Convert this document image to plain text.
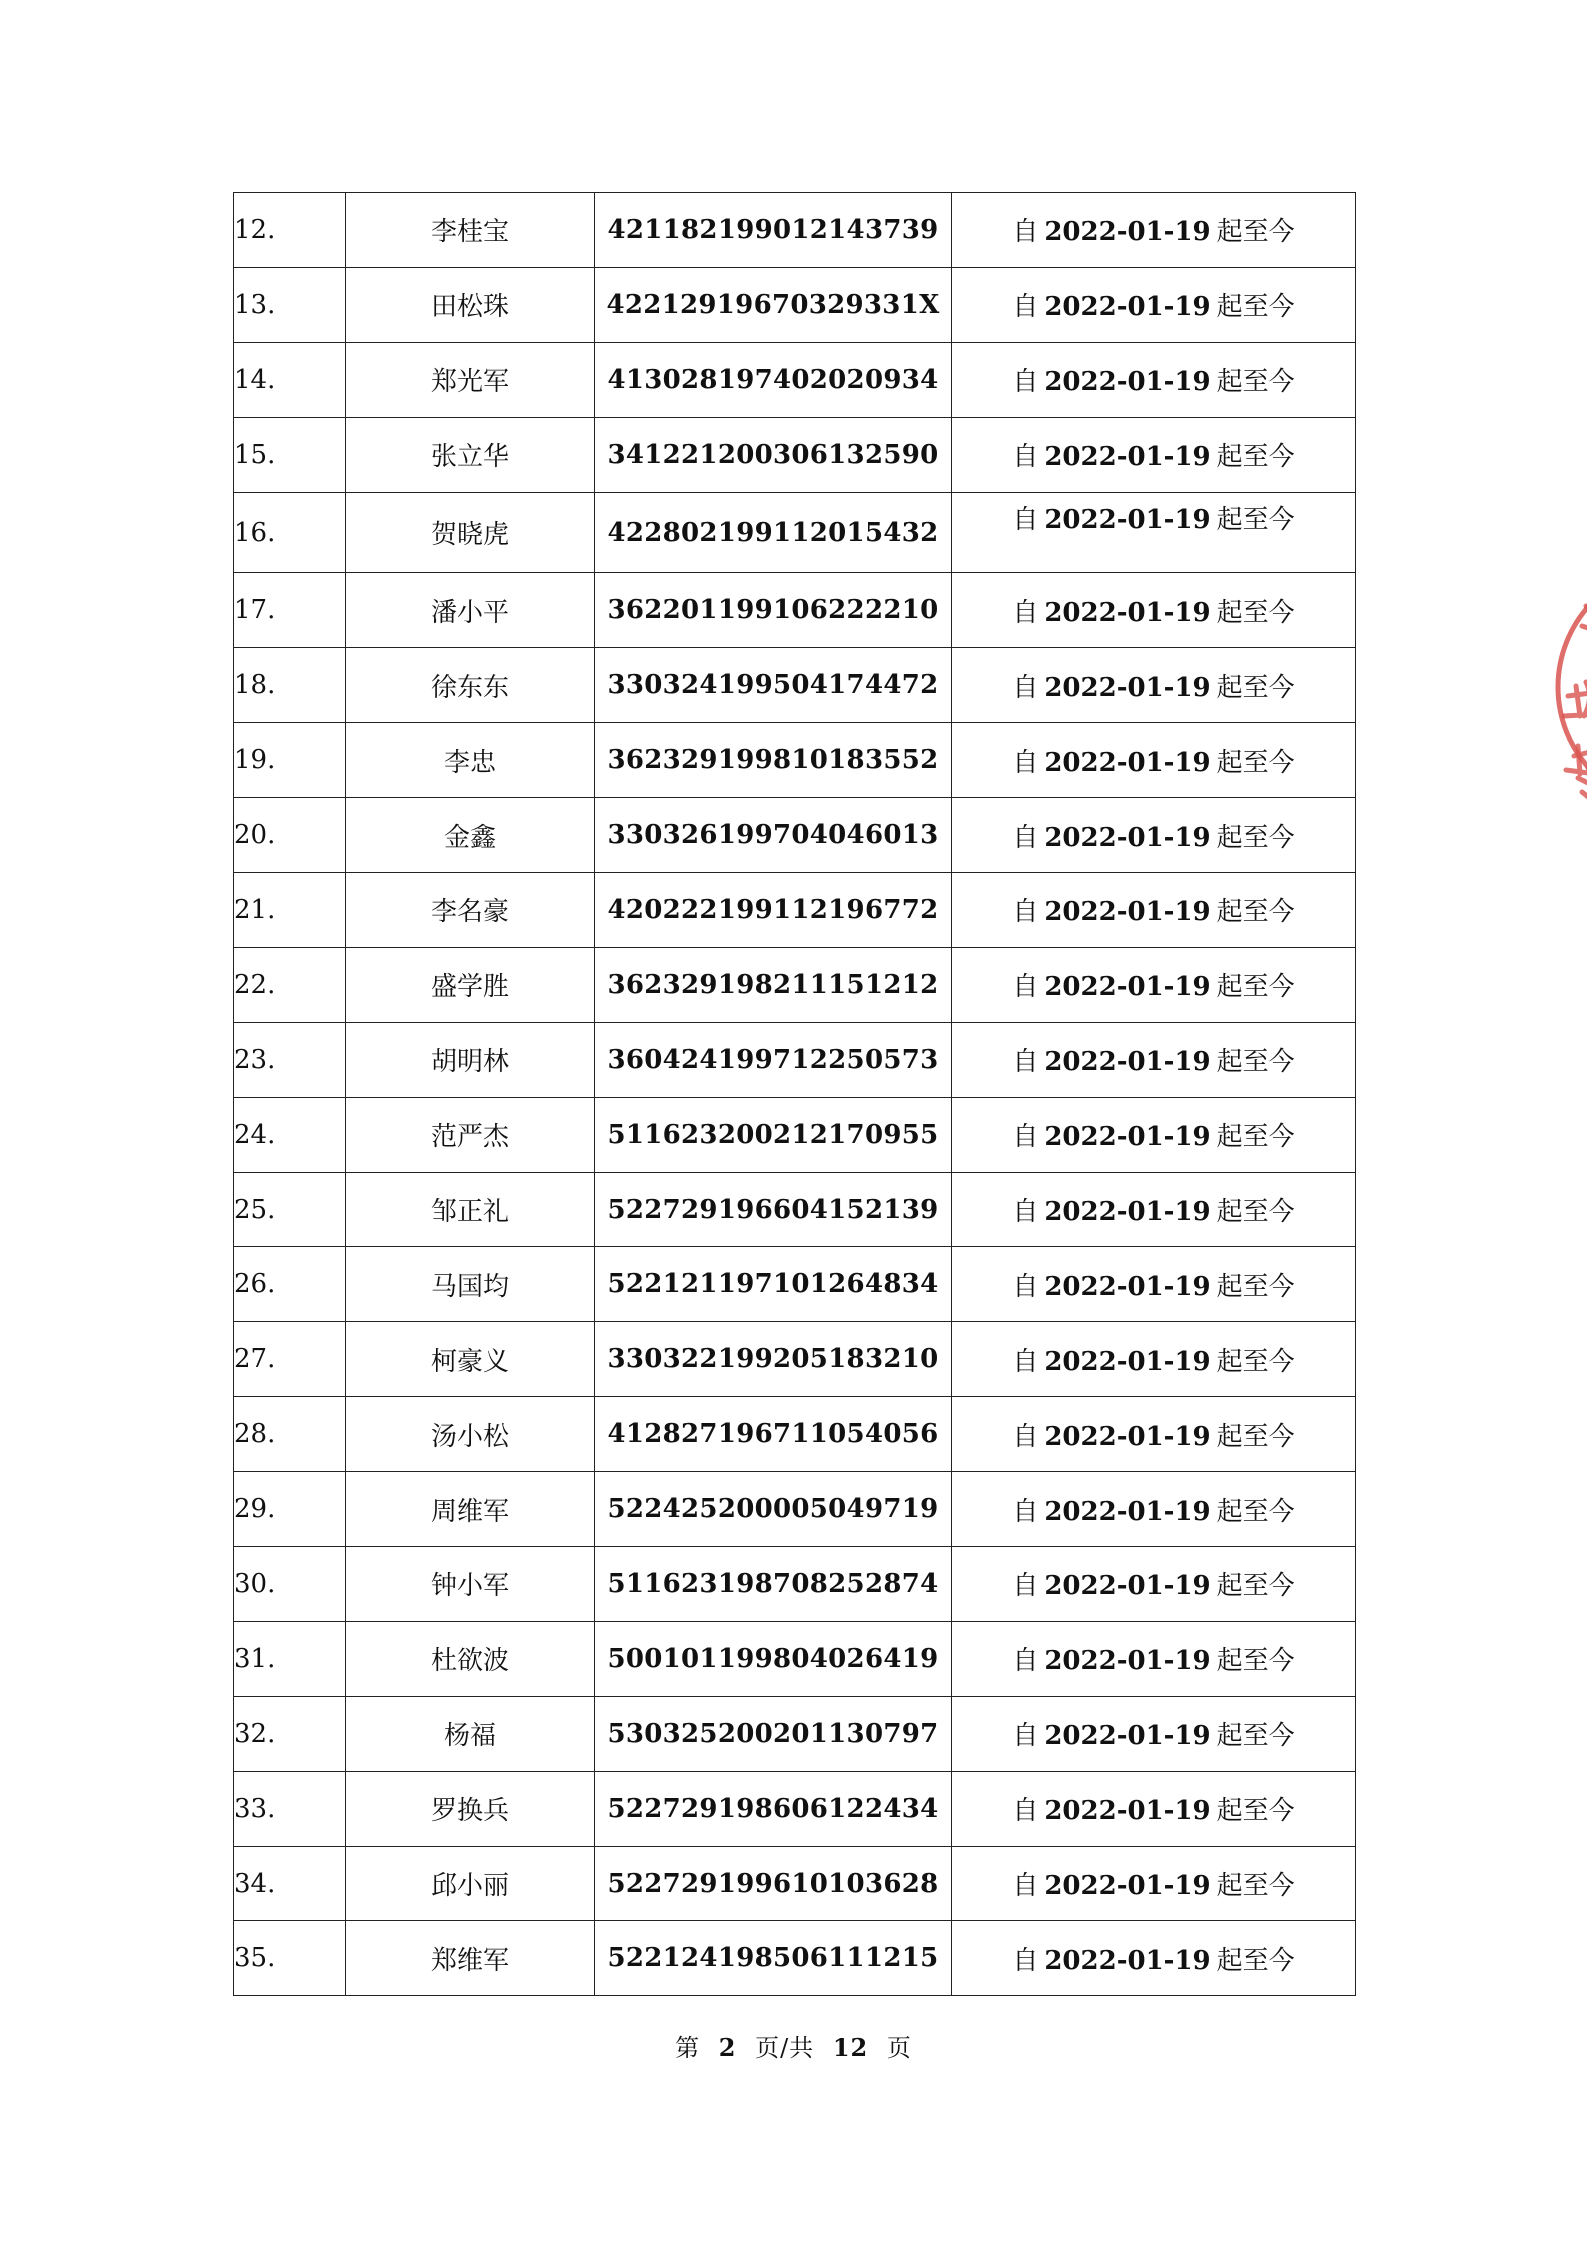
12.	李桂宝	421182199012143739	自 2022-01-19 起至今
13.	田松珠	42212919670329331X	自 2022-01-19 起至今
14.	郑光军	413028197402020934	自 2022-01-19 起至今
15.	张立华	341221200306132590	自 2022-01-19 起至今
16.	贺晓虎	422802199112015432	自 2022-01-19 起至今
17.	潘小平	362201199106222210	自 2022-01-19 起至今
18.	徐东东	330324199504174472	自 2022-01-19 起至今
19.	李忠	362329199810183552	自 2022-01-19 起至今
20.	金鑫	330326199704046013	自 2022-01-19 起至今
21.	李名豪	420222199112196772	自 2022-01-19 起至今
22.	盛学胜	362329198211151212	自 2022-01-19 起至今
23.	胡明林	360424199712250573	自 2022-01-19 起至今
24.	范严杰	511623200212170955	自 2022-01-19 起至今
25.	邹正礼	522729196604152139	自 2022-01-19 起至今
26.	马国均	522121197101264834	自 2022-01-19 起至今
27.	柯豪义	330322199205183210	自 2022-01-19 起至今
28.	汤小松	412827196711054056	自 2022-01-19 起至今
29.	周维军	522425200005049719	自 2022-01-19 起至今
30.	钟小军	511623198708252874	自 2022-01-19 起至今
31.	杜欲波	500101199804026419	自 2022-01-19 起至今
32.	杨福	530325200201130797	自 2022-01-19 起至今
33.	罗换兵	522729198606122434	自 2022-01-19 起至今
34.	邱小丽	522729199610103628	自 2022-01-19 起至今
35.	郑维军	522124198506111215	自 2022-01-19 起至今
第 2 页/共 12 页
